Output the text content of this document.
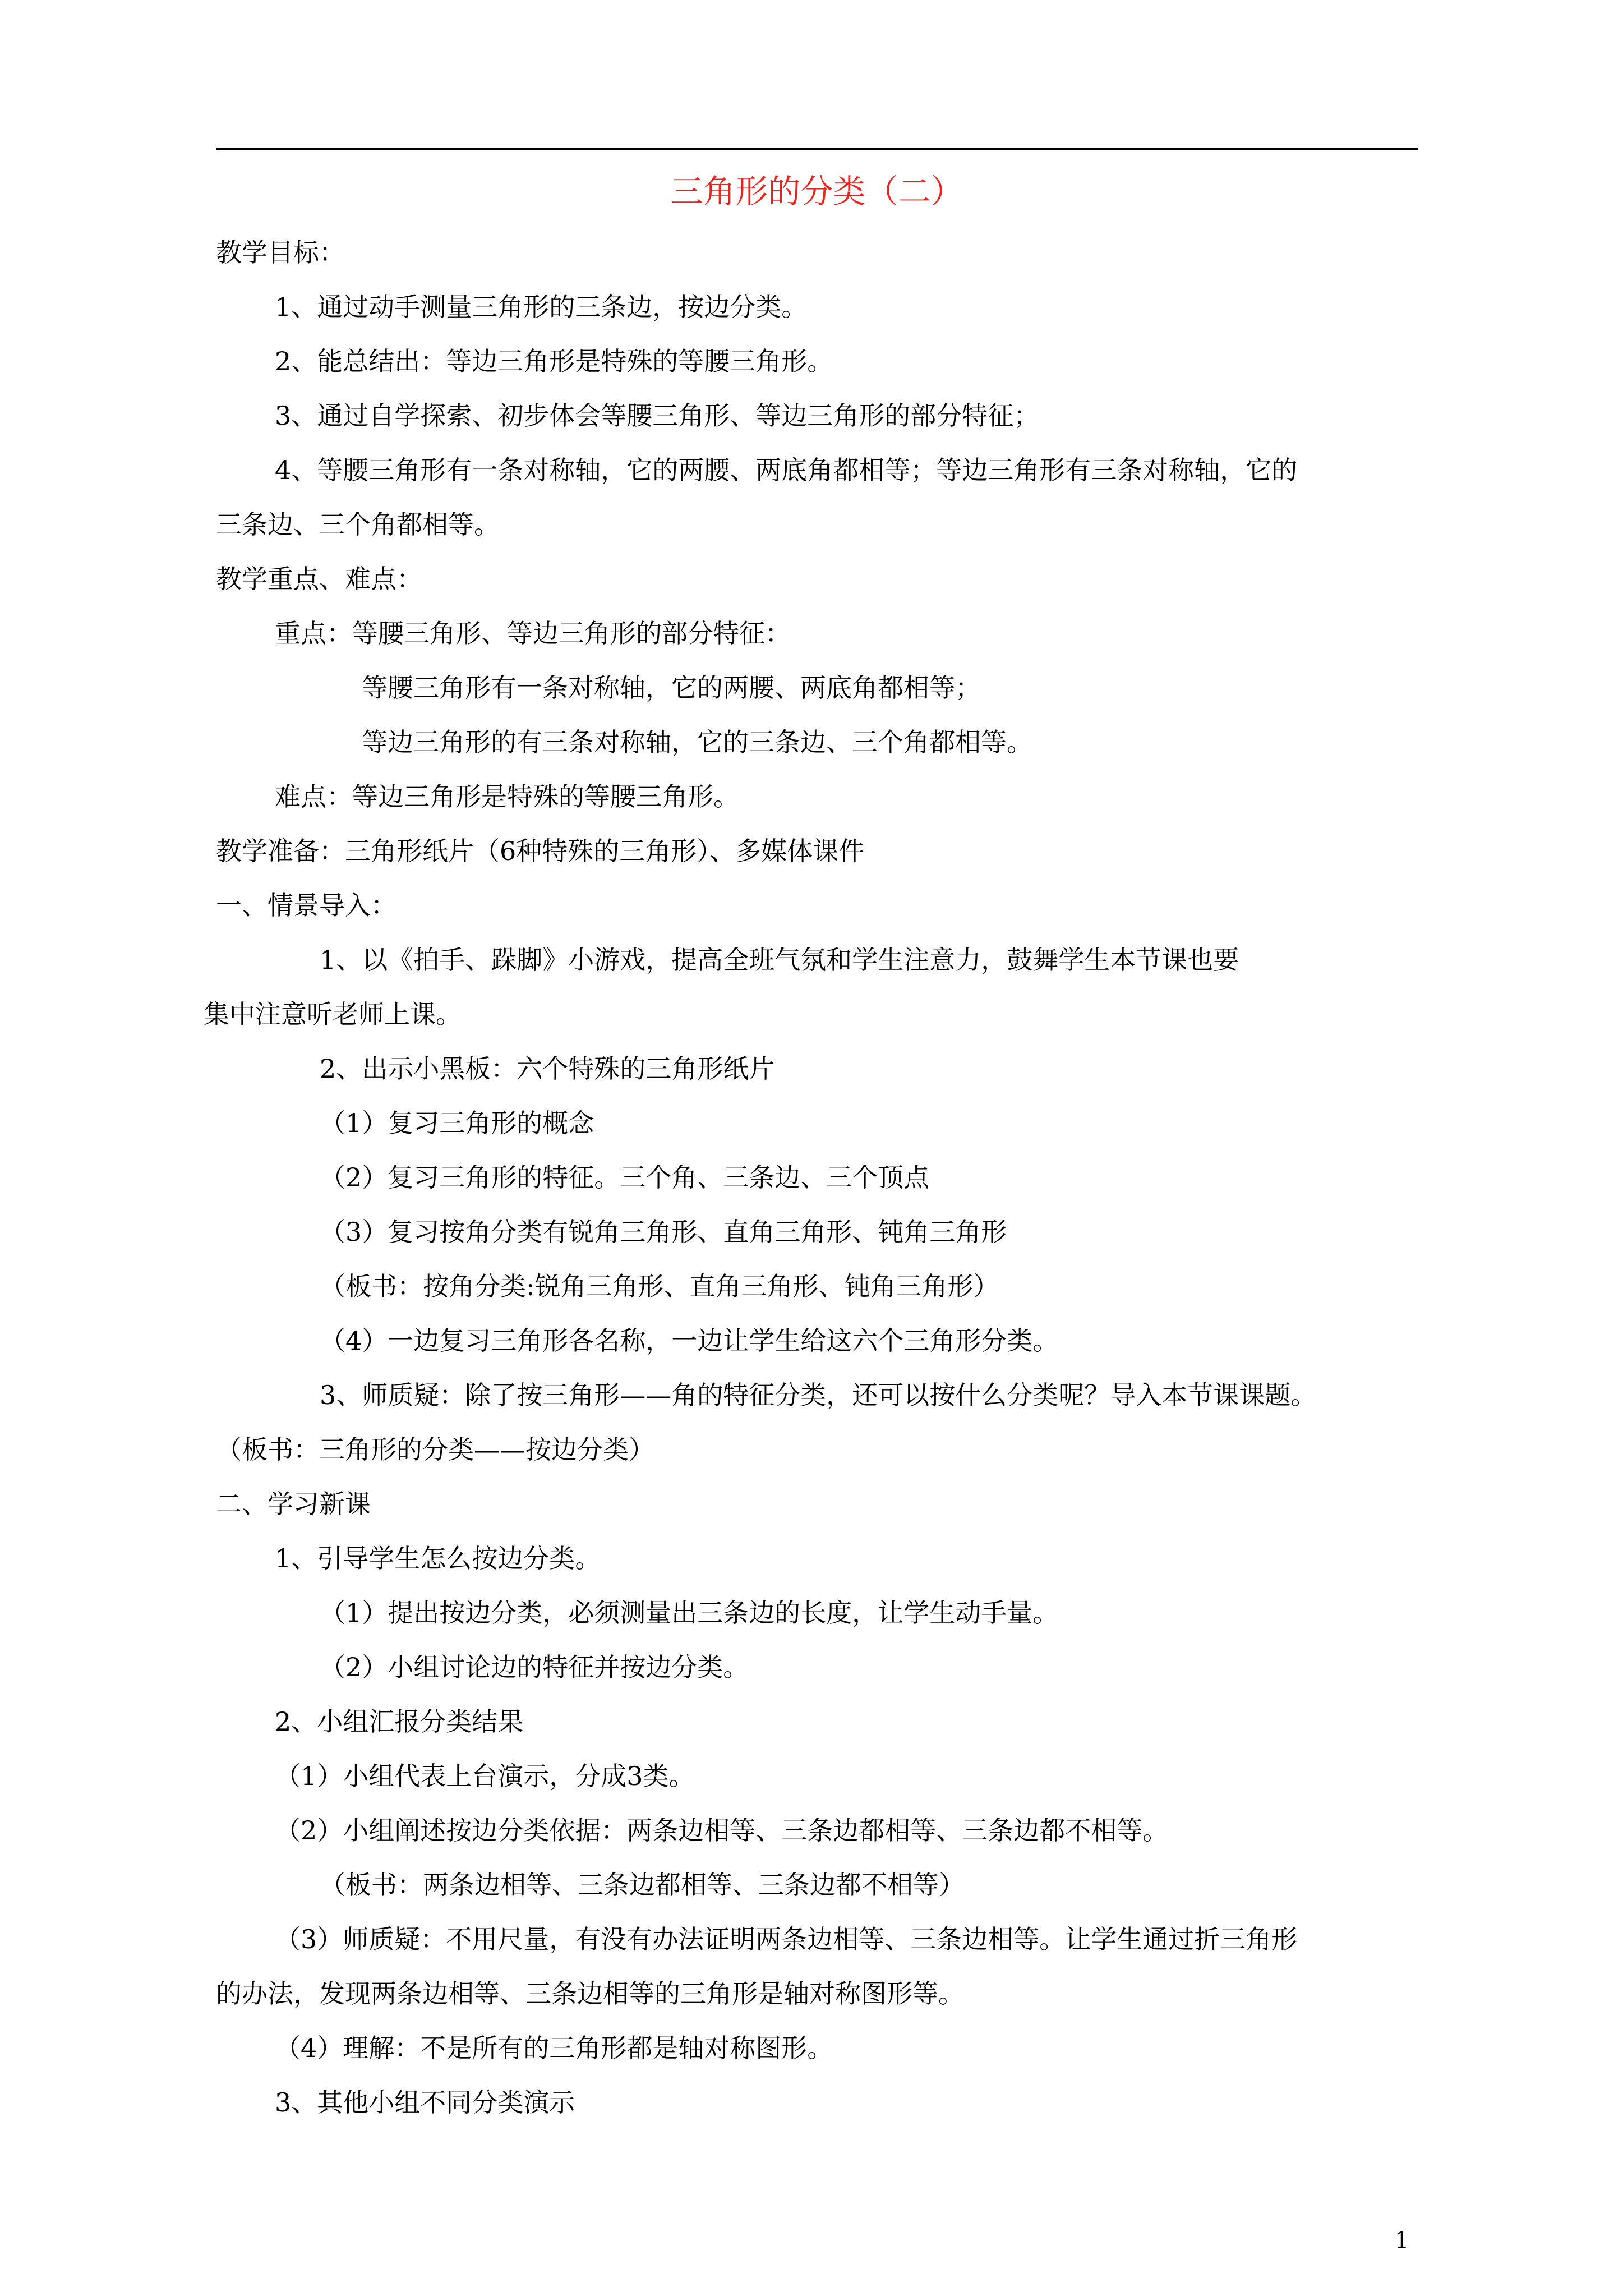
三角形的分类（二）
教学目标：
1、通过动手测量三角形的三条边，按边分类。
2、能总结出：等边三角形是特殊的等腰三角形。
3、通过自学探索、初步体会等腰三角形、等边三角形的部分特征；
4、等腰三角形有一条对称轴，它的两腰、两底角都相等；等边三角形有三条对称轴，它的
三条边、三个角都相等。
教学重点、难点：
重点：等腰三角形、等边三角形的部分特征：
等腰三角形有一条对称轴，它的两腰、两底角都相等；
等边三角形的有三条对称轴，它的三条边、三个角都相等。
难点：等边三角形是特殊的等腰三角形。
教学准备：三角形纸片（6种特殊的三角形）、多媒体课件
一、情景导入：
1、以《拍手、跺脚》小游戏，提高全班气氛和学生注意力，鼓舞学生本节课也要
集中注意听老师上课。
2、出示小黑板：六个特殊的三角形纸片
（1）复习三角形的概念
（2）复习三角形的特征。三个角、三条边、三个顶点
（3）复习按角分类有锐角三角形、直角三角形、钝角三角形
（板书：按角分类:锐角三角形、直角三角形、钝角三角形）
（4）一边复习三角形各名称，一边让学生给这六个三角形分类。
3、师质疑：除了按三角形——角的特征分类，还可以按什么分类呢？导入本节课课题。
（板书：三角形的分类——按边分类）
二、学习新课
1、引导学生怎么按边分类。
（1）提出按边分类，必须测量出三条边的长度，让学生动手量。
（2）小组讨论边的特征并按边分类。
2、小组汇报分类结果
（1）小组代表上台演示，分成3类。
（2）小组阐述按边分类依据：两条边相等、三条边都相等、三条边都不相等。
（板书：两条边相等、三条边都相等、三条边都不相等）
（3）师质疑：不用尺量，有没有办法证明两条边相等、三条边相等。让学生通过折三角形
的办法，发现两条边相等、三条边相等的三角形是轴对称图形等。
（4）理解：不是所有的三角形都是轴对称图形。
3、其他小组不同分类演示
1
